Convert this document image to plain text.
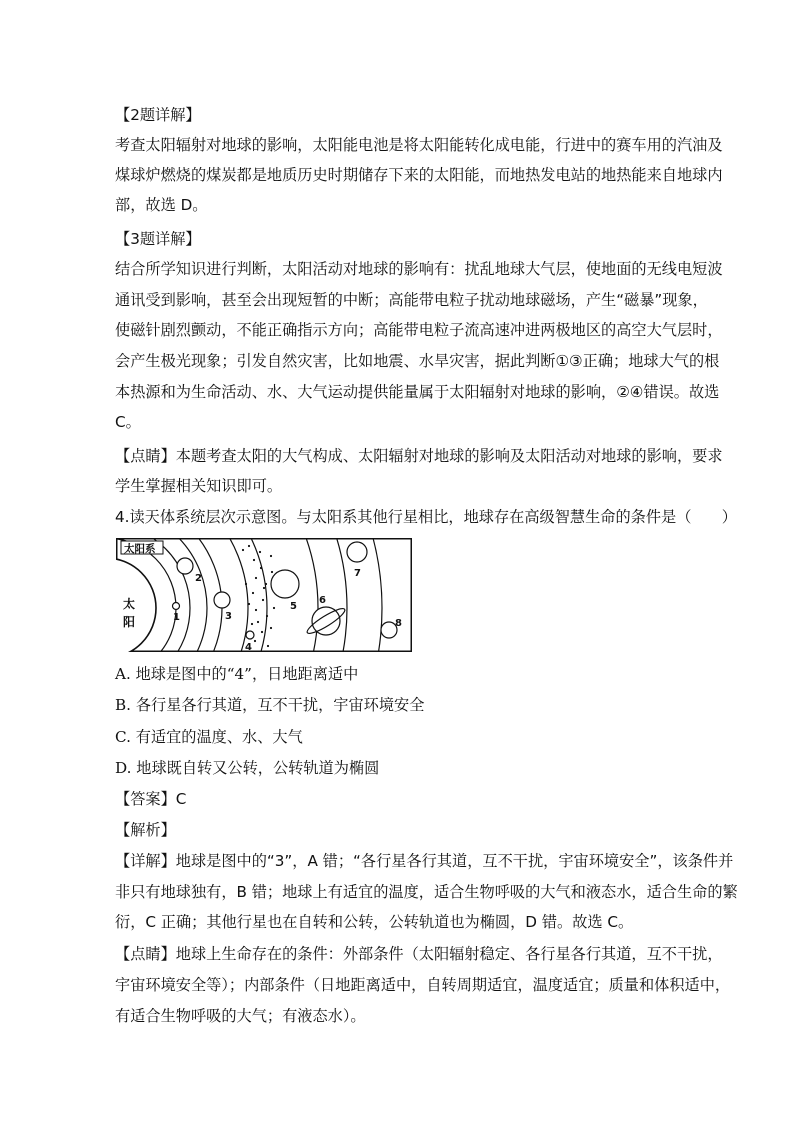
【2题详解】
考查太阳辐射对地球的影响，太阳能电池是将太阳能转化成电能，行进中的赛车用的汽油及
煤球炉燃烧的煤炭都是地质历史时期储存下来的太阳能，而地热发电站的地热能来自地球内
部，故选 D。
【3题详解】
结合所学知识进行判断，太阳活动对地球的影响有：扰乱地球大气层，使地面的无线电短波
通讯受到影响，甚至会出现短暂的中断；高能带电粒子扰动地球磁场，产生“磁暴”现象，
使磁针剧烈颤动，不能正确指示方向；高能带电粒子流高速冲进两极地区的高空大气层时，
会产生极光现象；引发自然灾害，比如地震、水旱灾害，据此判断①③正确；地球大气的根
本热源和为生命活动、水、大气运动提供能量属于太阳辐射对地球的影响，②④错误。故选
C。
【点睛】本题考查太阳的大气构成、太阳辐射对地球的影响及太阳活动对地球的影响，要求
学生掌握相关知识即可。
4.读天体系统层次示意图。与太阳系其他行星相比，地球存在高级智慧生命的条件是（　　）
太阳系
太
阳	1
2
3
4
5
6
7
8
A. 地球是图中的“4”，日地距离适中
B. 各行星各行其道，互不干扰，宇宙环境安全
C. 有适宜的温度、水、大气
D. 地球既自转又公转，公转轨道为椭圆
【答案】C
【解析】
【详解】地球是图中的“3”，A 错；“各行星各行其道，互不干扰，宇宙环境安全”，该条件并
非只有地球独有，B 错；地球上有适宜的温度，适合生物呼吸的大气和液态水，适合生命的繁
衍，C 正确；其他行星也在自转和公转，公转轨道也为椭圆，D 错。故选 C。
【点睛】地球上生命存在的条件：外部条件（太阳辐射稳定、各行星各行其道，互不干扰，
宇宙环境安全等）；内部条件（日地距离适中，自转周期适宜，温度适宜；质量和体积适中，
有适合生物呼吸的大气；有液态水）。
